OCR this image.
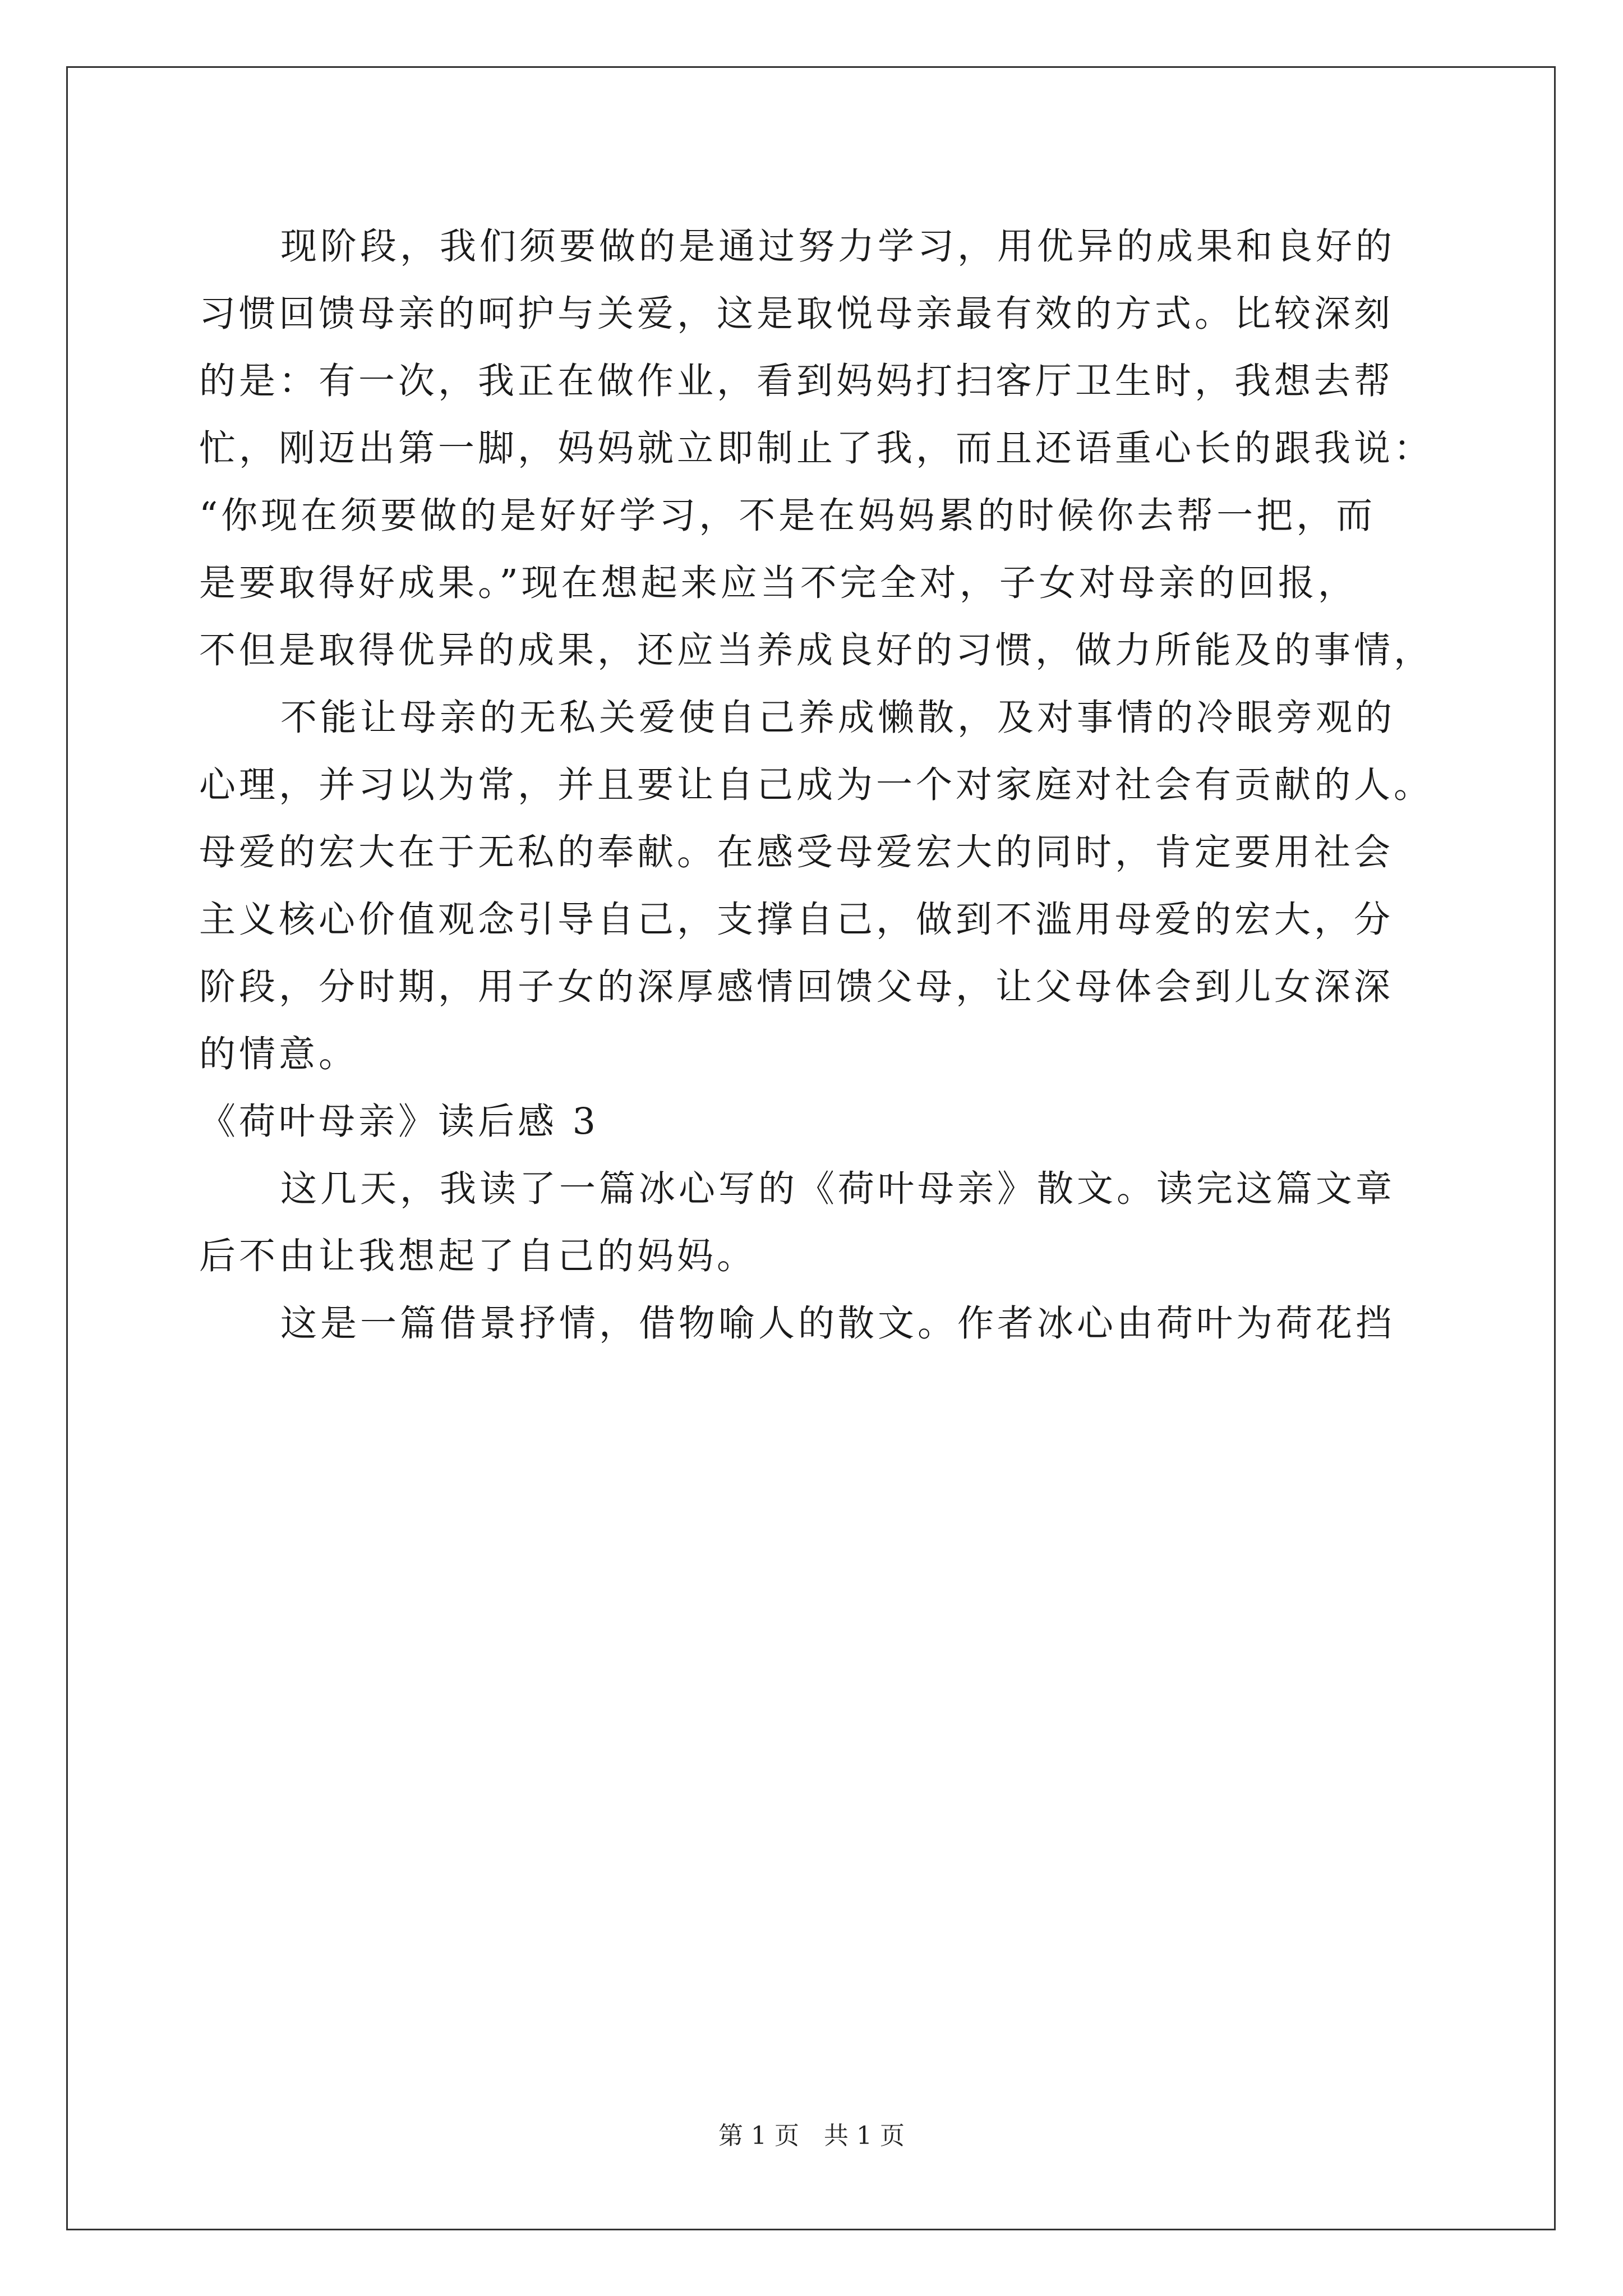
现阶段，我们须要做的是通过努力学习，用优异的成果和良好的
习惯回馈母亲的呵护与关爱，这是取悦母亲最有效的方式。比较深刻
的是：有一次，我正在做作业，看到妈妈打扫客厅卫生时，我想去帮
忙，刚迈出第一脚，妈妈就立即制止了我，而且还语重心长的跟我说：
“你现在须要做的是好好学习，不是在妈妈累的时候你去帮一把，而
是要取得好成果。”现在想起来应当不完全对，子女对母亲的回报，
不但是取得优异的成果，还应当养成良好的习惯，做力所能及的事情，
不能让母亲的无私关爱使自己养成懒散，及对事情的冷眼旁观的
心理，并习以为常，并且要让自己成为一个对家庭对社会有贡献的人。
母爱的宏大在于无私的奉献。在感受母爱宏大的同时，肯定要用社会
主义核心价值观念引导自己，支撑自己，做到不滥用母爱的宏大，分
阶段，分时期，用子女的深厚感情回馈父母，让父母体会到儿女深深
的情意。
《荷叶母亲》读后感 3
这几天，我读了一篇冰心写的《荷叶母亲》散文。读完这篇文章
后不由让我想起了自己的妈妈。
这是一篇借景抒情，借物喻人的散文。作者冰心由荷叶为荷花挡
第 1 页　共 1 页
